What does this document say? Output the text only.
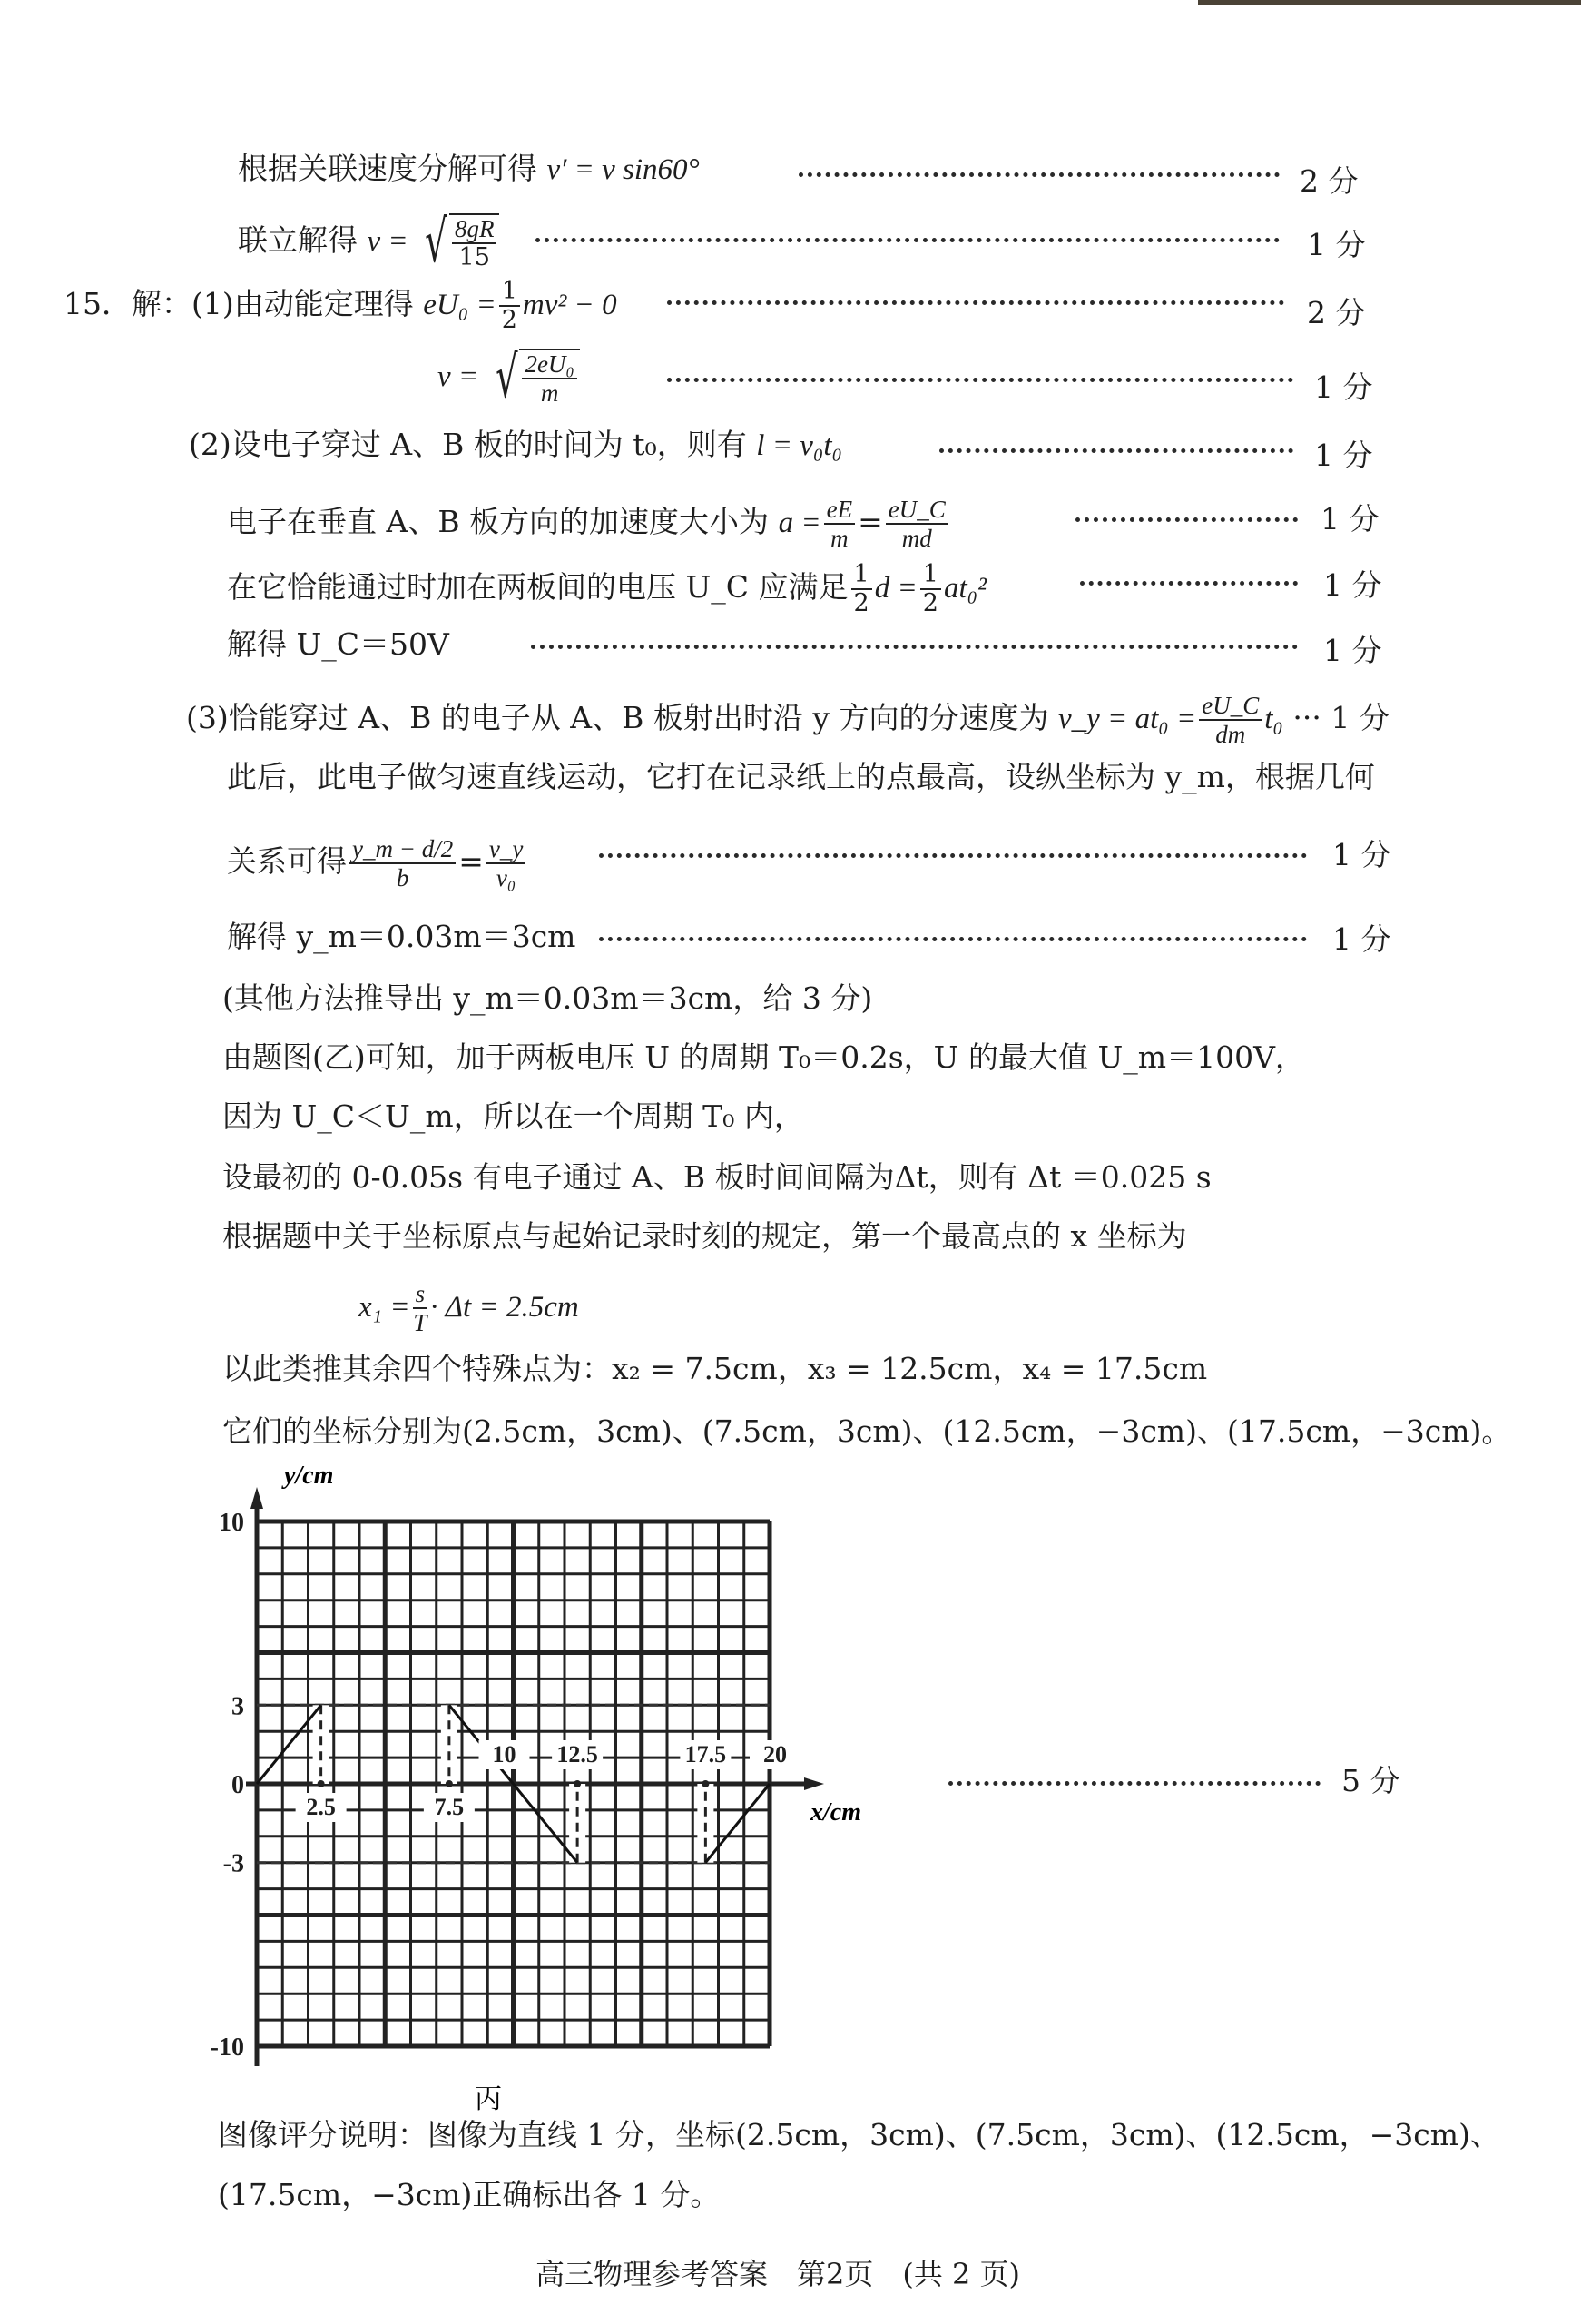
根据关联速度分解可得 v′ = v sin60°	2 分
联立解得 v = √ $\frac{8gR}{15}$	1 分
15．解：(1)由动能定理得 $eU_0 = \frac{1}{2} mv^2 - 0$	2 分
v = √ $\frac{\text{2eU₀}}{m}$	1 分
(2)设电子穿过 A、B 板的时间为 t₀，则有 l = v₀t₀	1 分
电子在垂直 A、B 板方向的加速度大小为 $a = \frac{eE}{m} = \frac{eU\_C}{md}$	1 分
在它恰能通过时加在两板间的电压 U_C 应满足 $\frac{1}{2}$ $d = \frac{1}{2} at_0^2$	1 分
解得 U_C＝50V	1 分
(3)恰能穿过 A、B 的电子从 A、B 板射出时沿 y 方向的分速度为 v_y = $at_0 = \frac{eU\_C}{dm} t_0$ ··· 1 分
此后，此电子做匀速直线运动，它打在记录纸上的点最高，设纵坐标为 y_m，根据几何
关系可得 $\frac{y\_m - d/2}{b} = \frac{v\_y}{\text{v₀}}$	1 分
解得 y_m＝0.03m＝3cm	1 分
(其他方法推导出 y_m＝0.03m＝3cm，给 3 分)
由题图(乙)可知，加于两板电压 U 的周期 T₀＝0.2s，U 的最大值 U_m＝100V，
因为 U_C＜U_m，所以在一个周期 T₀ 内，
设最初的 0-0.05s 有电子通过 A、B 板时间间隔为Δt，则有 Δt ＝0.025 s
根据题中关于坐标原点与起始记录时刻的规定，第一个最高点的 x 坐标为
$x_1 = \frac{s}{T} \cdot \Delta t = 2.5cm$
以此类推其余四个特殊点为：x₂ = 7.5cm，x₃ = 12.5cm，x₄ = 17.5cm
它们的坐标分别为(2.5cm，3cm)、(7.5cm，3cm)、(12.5cm，−3cm)、(17.5cm，−3cm)。
10
3
0
-3
-10
2.5	7.5
10 12.5	17.5 20
y/cm
x/cm
丙
5 分
图像评分说明：图像为直线 1 分，坐标(2.5cm，3cm)、(7.5cm，3cm)、(12.5cm，−3cm)、
(17.5cm，−3cm)正确标出各 1 分。
高三物理参考答案　第2页　(共 2 页)
